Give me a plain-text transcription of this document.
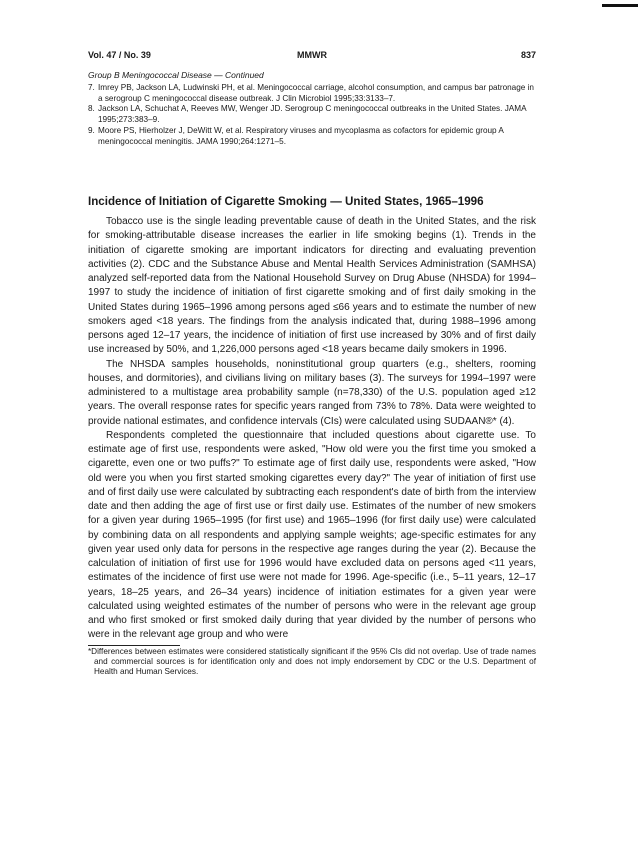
Vol. 47 / No. 39	MMWR	837
Group B Meningococcal Disease — Continued
7. Imrey PB, Jackson LA, Ludwinski PH, et al. Meningococcal carriage, alcohol consumption, and campus bar patronage in a serogroup C meningococcal disease outbreak. J Clin Microbiol 1995;33:3133–7.
8. Jackson LA, Schuchat A, Reeves MW, Wenger JD. Serogroup C meningococcal outbreaks in the United States. JAMA 1995;273:383–9.
9. Moore PS, Hierholzer J, DeWitt W, et al. Respiratory viruses and mycoplasma as cofactors for epidemic group A meningococcal meningitis. JAMA 1990;264:1271–5.
Incidence of Initiation of Cigarette Smoking — United States, 1965–1996

Tobacco use is the single leading preventable cause of death in the United States, and the risk for smoking-attributable disease increases the earlier in life smoking begins (1). Trends in the initiation of cigarette smoking are important indicators for directing and evaluating prevention activities (2). CDC and the Substance Abuse and Mental Health Services Administration (SAMHSA) analyzed self-reported data from the National Household Survey on Drug Abuse (NHSDA) for 1994–1997 to study the incidence of initiation of first cigarette smoking and of first daily smoking in the United States during 1965–1996 among persons aged ≤66 years and to estimate the number of new smokers aged <18 years. The findings from the analysis indicated that, during 1988–1996 among persons aged 12–17 years, the incidence of initiation of first use increased by 30% and of first daily use increased by 50%, and 1,226,000 persons aged <18 years became daily smokers in 1996.

The NHSDA samples households, noninstitutional group quarters (e.g., shelters, rooming houses, and dormitories), and civilians living on military bases (3). The surveys for 1994–1997 were administered to a multistage area probability sample (n=78,330) of the U.S. population aged ≥12 years. The overall response rates for specific years ranged from 73% to 78%. Data were weighted to provide national estimates, and confidence intervals (CIs) were calculated using SUDAAN®* (4).

Respondents completed the questionnaire that included questions about cigarette use. To estimate age of first use, respondents were asked, "How old were you the first time you smoked a cigarette, even one or two puffs?" To estimate age of first daily use, respondents were asked, "How old were you when you first started smoking cigarettes every day?" The year of initiation of first use and of first daily use were calculated by subtracting each respondent's date of birth from the interview date and then adding the age of first use or first daily use. Estimates of the number of new smokers for a given year during 1965–1995 (for first use) and 1965–1996 (for first daily use) were calculated by combining data on all respondents and applying sample weights; age-specific estimates for any given year used only data for persons in the respective age ranges during the year (2). Because the calculation of initiation of first use for 1996 would have excluded data on persons aged <11 years, estimates of the incidence of first use were not made for 1996. Age-specific (i.e., 5–11 years, 12–17 years, 18–25 years, and 26–34 years) incidence of initiation estimates for a given year were calculated using weighted estimates of the number of persons who were in the relevant age group and who first smoked or first smoked daily during that year divided by the number of persons who were in the relevant age group and who were

*Differences between estimates were considered statistically significant if the 95% CIs did not overlap. Use of trade names and commercial sources is for identification only and does not imply endorsement by CDC or the U.S. Department of Health and Human Services.
